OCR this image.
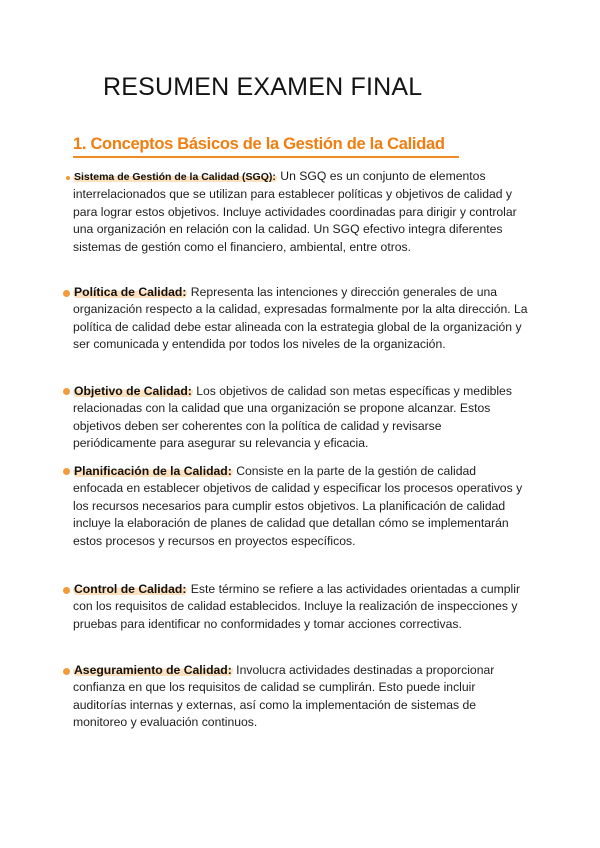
RESUMEN EXAMEN FINAL
1. Conceptos Básicos de la Gestión de la Calidad
Sistema de Gestión de la Calidad (SGQ): Un SGQ es un conjunto de elementos interrelacionados que se utilizan para establecer políticas y objetivos de calidad y para lograr estos objetivos. Incluye actividades coordinadas para dirigir y controlar una organización en relación con la calidad. Un SGQ efectivo integra diferentes sistemas de gestión como el financiero, ambiental, entre otros.
Política de Calidad: Representa las intenciones y dirección generales de una organización respecto a la calidad, expresadas formalmente por la alta dirección. La política de calidad debe estar alineada con la estrategia global de la organización y ser comunicada y entendida por todos los niveles de la organización.
Objetivo de Calidad: Los objetivos de calidad son metas específicas y medibles relacionadas con la calidad que una organización se propone alcanzar. Estos objetivos deben ser coherentes con la política de calidad y revisarse periódicamente para asegurar su relevancia y eficacia.
Planificación de la Calidad: Consiste en la parte de la gestión de calidad enfocada en establecer objetivos de calidad y especificar los procesos operativos y los recursos necesarios para cumplir estos objetivos. La planificación de calidad incluye la elaboración de planes de calidad que detallan cómo se implementarán estos procesos y recursos en proyectos específicos.
Control de Calidad: Este término se refiere a las actividades orientadas a cumplir con los requisitos de calidad establecidos. Incluye la realización de inspecciones y pruebas para identificar no conformidades y tomar acciones correctivas.
Aseguramiento de Calidad: Involucra actividades destinadas a proporcionar confianza en que los requisitos de calidad se cumplirán. Esto puede incluir auditorías internas y externas, así como la implementación de sistemas de monitoreo y evaluación continuos.
